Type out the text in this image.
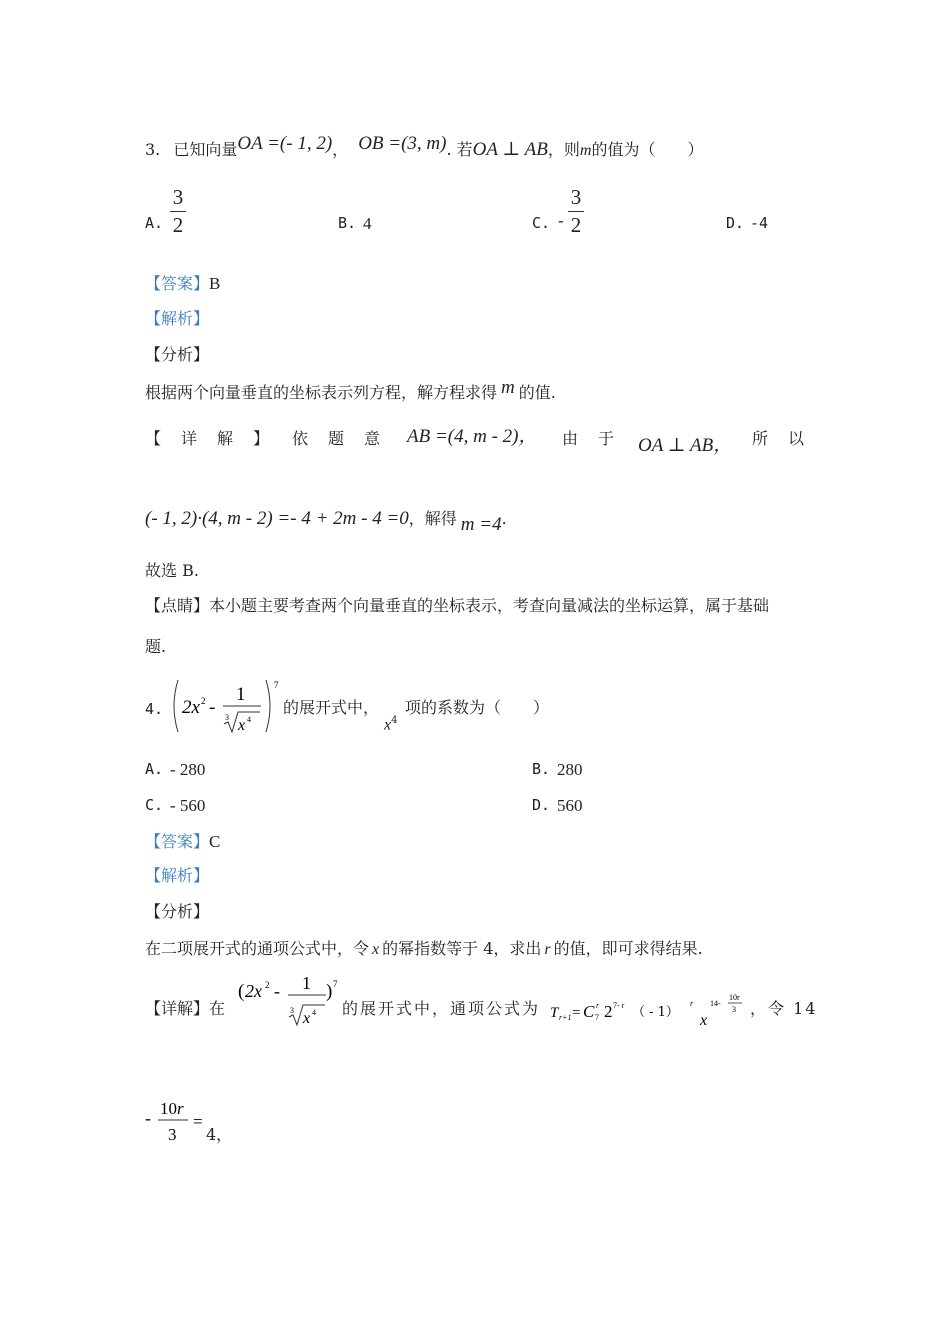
3. 已知向量OA =(- 1, 2)， OB =(3, m). 若OA ⊥ AB，则m的值为（　　）
A.
3
2	B. 4	C. -
3
2	D. -4
【答案】B
【解析】
【分析】
根据两个向量垂直的坐标表示列方程，解方程求得 m 的值.
【　详　解　】 依　题　意 AB =(4, m - 2)， 由　于 OA ⊥ AB， 所　以
(- 1, 2)·(4, m - 2) =- 4 + 2m - 4 =0，解得 m =4.
故选 B.
【点睛】本小题主要考查两个向量垂直的坐标表示，考查向量减法的坐标运算，属于基础
题.
4. 2x 2 -
1
3 x 4
7
的展开式中，
$x^4$
项的系数为（　　）
A. - 280	B. 280
C. - 560	D. 560
【答案】C
【解析】
【分析】
在二项展开式的通项公式中，令 x 的幂指数等于 4，求出 r 的值，即可求得结果.
【详解】在
( 2x 2 - 1
3 x 4
) 7
的展开式中，通项公式为 T r+1 = C r
7 2 7- r （ - 1）
r
x
14-
10r
3 ，令 14
- 10 r
3
=
4，
